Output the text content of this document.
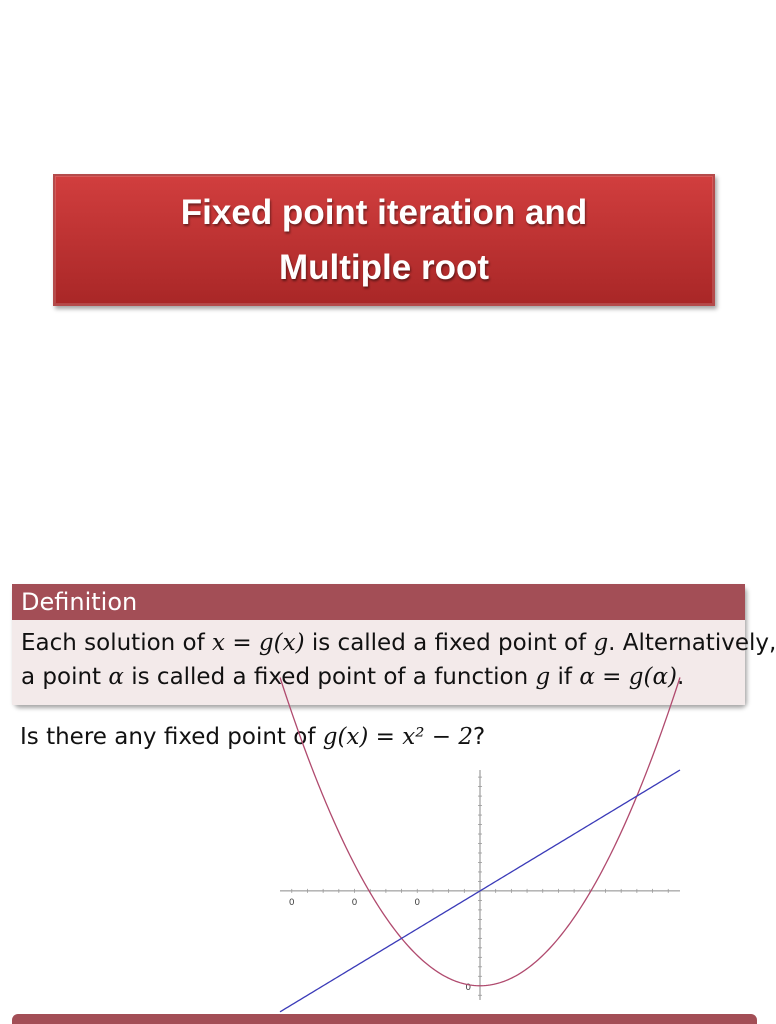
Fixed point iteration and
Multiple root
Definition
Each solution of x = g(x) is called a fixed point of g. Alternatively,
a point α is called a fixed point of a function g if α = g(α).
Is there any fixed point of g(x) = x² − 2?
0	0	0
0
